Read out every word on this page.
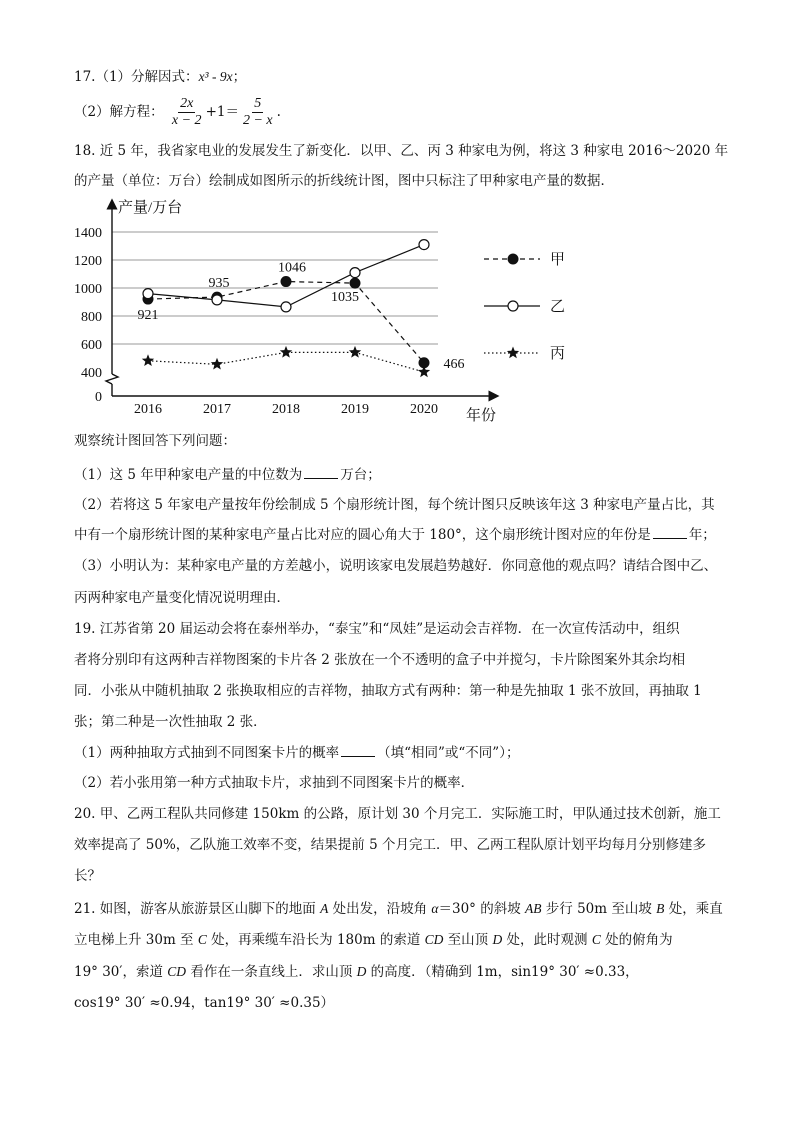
17.（1）分解因式：x³ - 9x；
（2）解方程： $\frac{2x}{x - 2} +1= \frac{5}{2 - x}$ .
18. 近 5 年，我省家电业的发展发生了新变化．以甲、乙、丙 3 种家电为例，将这 3 种家电 2016～2020 年
的产量（单位：万台）绘制成如图所示的折线统计图，图中只标注了甲种家电产量的数据．
0
400
600
800
1000
1200
1400
2016	2017	2018	2019	2020
产量/万台
年份
921
935
1046
1035
466
甲
乙
丙
观察统计图回答下列问题：
（1）这 5 年甲种家电产量的中位数为	万台；
（2）若将这 5 年家电产量按年份绘制成 5 个扇形统计图，每个统计图只反映该年这 3 种家电产量占比，其
中有一个扇形统计图的某种家电产量占比对应的圆心角大于 180°，这个扇形统计图对应的年份是	年；
（3）小明认为：某种家电产量的方差越小，说明该家电发展趋势越好．你同意他的观点吗？请结合图中乙、
丙两种家电产量变化情况说明理由．
19. 江苏省第 20 届运动会将在泰州举办，“泰宝”和“凤娃”是运动会吉祥物．在一次宣传活动中，组织
者将分别印有这两种吉祥物图案的卡片各 2 张放在一个不透明的盒子中并搅匀，卡片除图案外其余均相
同．小张从中随机抽取 2 张换取相应的吉祥物，抽取方式有两种：第一种是先抽取 1 张不放回，再抽取 1
张；第二种是一次性抽取 2 张．
（1）两种抽取方式抽到不同图案卡片的概率	（填“相同”或“不同”）；
（2）若小张用第一种方式抽取卡片，求抽到不同图案卡片的概率．
20. 甲、乙两工程队共同修建 150km 的公路，原计划 30 个月完工．实际施工时，甲队通过技术创新，施工
效率提高了 50%，乙队施工效率不变，结果提前 5 个月完工．甲、乙两工程队原计划平均每月分别修建多
长？
21. 如图，游客从旅游景区山脚下的地面 A 处出发，沿坡角 α＝30° 的斜坡 AB 步行 50m 至山坡 B 处，乘直
立电梯上升 30m 至 C 处，再乘缆车沿长为 180m 的索道 CD 至山顶 D 处，此时观测 C 处的俯角为
19° 30′，索道 CD 看作在一条直线上．求山顶 D 的高度．（精确到 1m，sin19° 30′ ≈0.33，
cos19° 30′ ≈0.94，tan19° 30′ ≈0.35）
